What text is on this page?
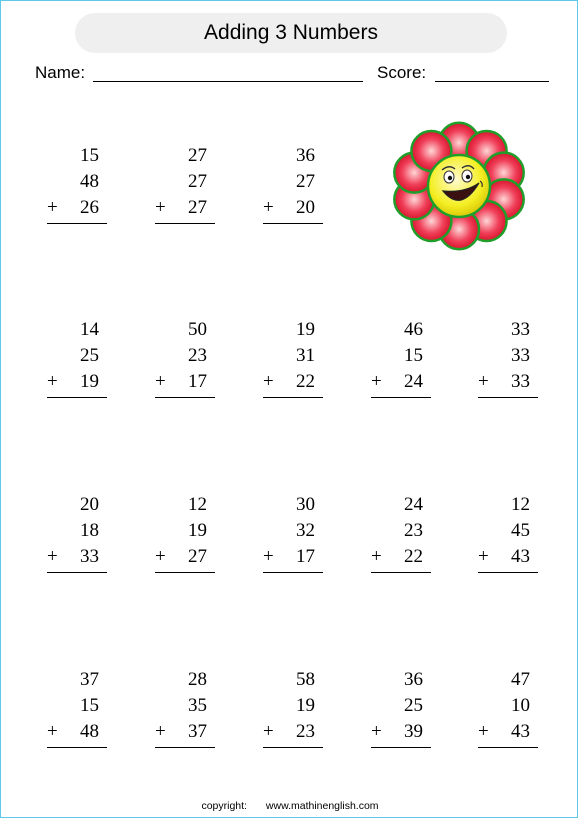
Adding 3 Numbers
Name:	Score:
15
48
26
+
27
27
27
+
36
27
20
+
14
25
19
+
50
23
17
+
19
31
22
+
46
15
24
+
33
33
33
+
20
18
33
+
12
19
27
+
30
32
17
+
24
23
22
+
12
45
43
+
37
15
48
+
28
35
37
+
58
19
23
+
36
25
39
+
47
10
43
+
copyright: www.mathinenglish.com
